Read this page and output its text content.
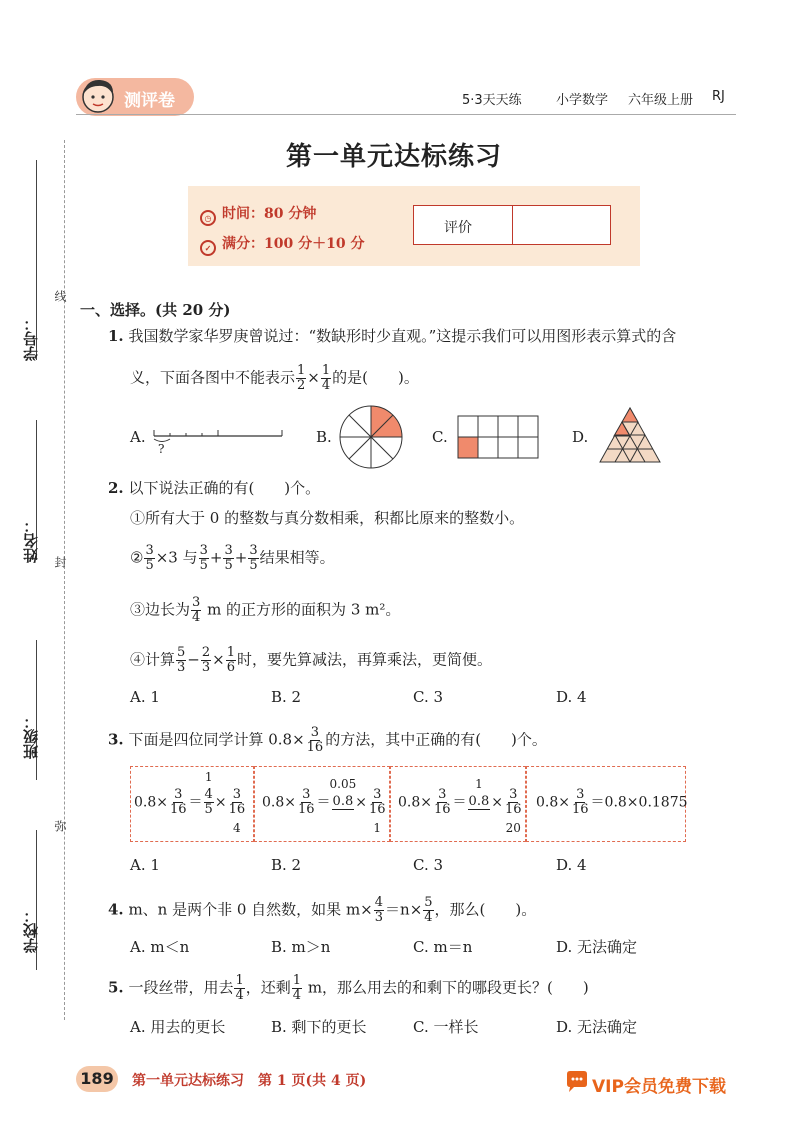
学号：
姓名：
班级：
学校：
线
封
弥
测评卷	5·3天天练	小学数学 六年级上册 RJ
第一单元达标练习
◷ 时间：80 分钟
✓ 满分：100 分＋10 分
评价
一、选择。(共 20 分)
1. 我国数学家华罗庚曾说过：“数缺形时少直观。”这提示我们可以用图形表示算式的含
义，下面各图中不能表示 $\frac{1}{2} \times \frac{1}{4}$ 的是(　　)。
A.
?
B.	C.	D.
2. 以下说法正确的有(　　)个。
①所有大于 0 的整数与真分数相乘，积都比原来的整数小。
② $\frac{3}{5} \times 3$ 与 $\frac{3}{5} + \frac{3}{5} + \frac{3}{5}$ 结果相等。
③边长为 $\frac{3}{4}$ m 的正方形的面积为 3 m²。
④计算 $\frac{5}{3} - \frac{2}{3} \times \frac{1}{6}$ 时，要先算减法，再算乘法，更简便。
A. 1	B. 2	C. 3	D. 4
3. 下面是四位同学计算 $0.8\times \frac{3}{16}$ 的方法，其中正确的有(　　)个。
$0.8\times \frac{3}{16} = 4$
5
1
× 3
16
4
$0.8\times \frac{3}{16} = 0.8$
0.05
× 3
16
1
$0.8\times \frac{3}{16} = 0.8$
1
× 3
16
20
$0.8\times \frac{3}{16} =0.8\times 0.1875$
A. 1	B. 2	C. 3	D. 4
4. m、n 是两个非 0 自然数，如果 $m\times \frac{4}{3} =n\times \frac{5}{4}$ ，那么(　　)。
A. m＜n	B. m＞n	C. m＝n	D. 无法确定
5. 一段丝带，用去 $\frac{1}{4}$ ，还剩 $\frac{1}{4}$ m，那么用去的和剩下的哪段更长？(　　)
A. 用去的更长	B. 剩下的更长	C. 一样长	D. 无法确定
189	第一单元达标练习　第 1 页(共 4 页)	VIP会员免费下载
